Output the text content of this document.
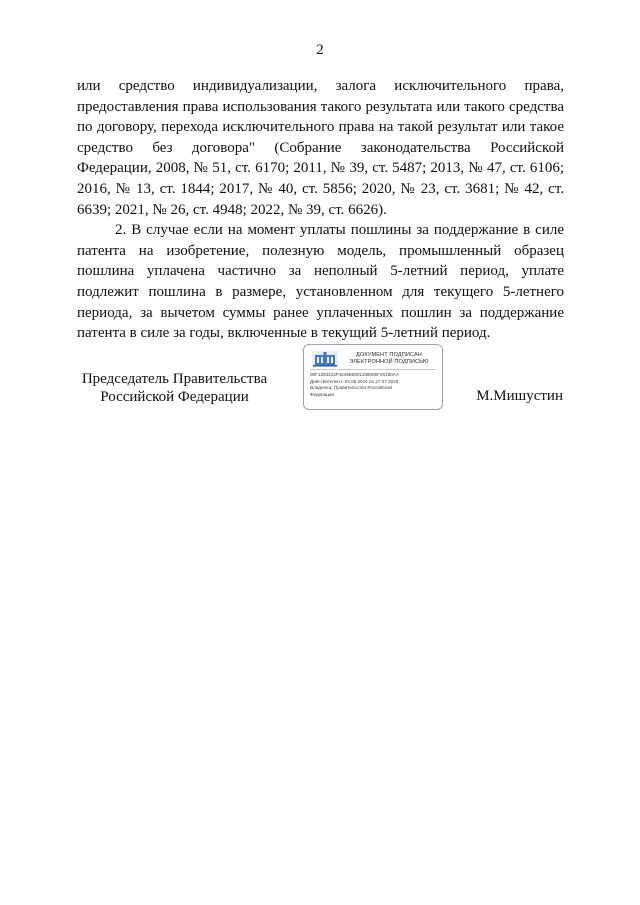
2

или средство индивидуализации, залога исключительного права, предоставления права использования такого результата или такого средства по договору, перехода исключительного права на такой результат или такое средство без договора" (Собрание законодательства Российской Федерации, 2008, № 51, ст. 6170; 2011, № 39, ст. 5487; 2013, № 47, ст. 6106; 2016, № 13, ст. 1844; 2017, № 40, ст. 5856; 2020, № 23, ст. 3681; № 42, ст. 6639; 2021, № 26, ст. 4948; 2022, № 39, ст. 6626).

2. В случае если на момент уплаты пошлины за поддержание в силе патента на изобретение, полезную модель, промышленный образец пошлина уплачена частично за неполный 5-летний период, уплате подлежит пошлина в размере, установленном для текущего 5-летнего периода, за вычетом суммы ранее уплаченных пошлин за поддержание патента в силе за годы, включенные в текущий 5-летний период.

Председатель Правительства
Российской Федерации
ДОКУМЕНТ ПОДПИСАН
ЭЛЕКТРОННОЙ ПОДПИСЬЮ
00F1284244F4249E5001188005F26160AA
Действителен с 03.05.2024 по 27.07.2025
Владелец: Правительство Российской
Федерации	М.Мишустин
